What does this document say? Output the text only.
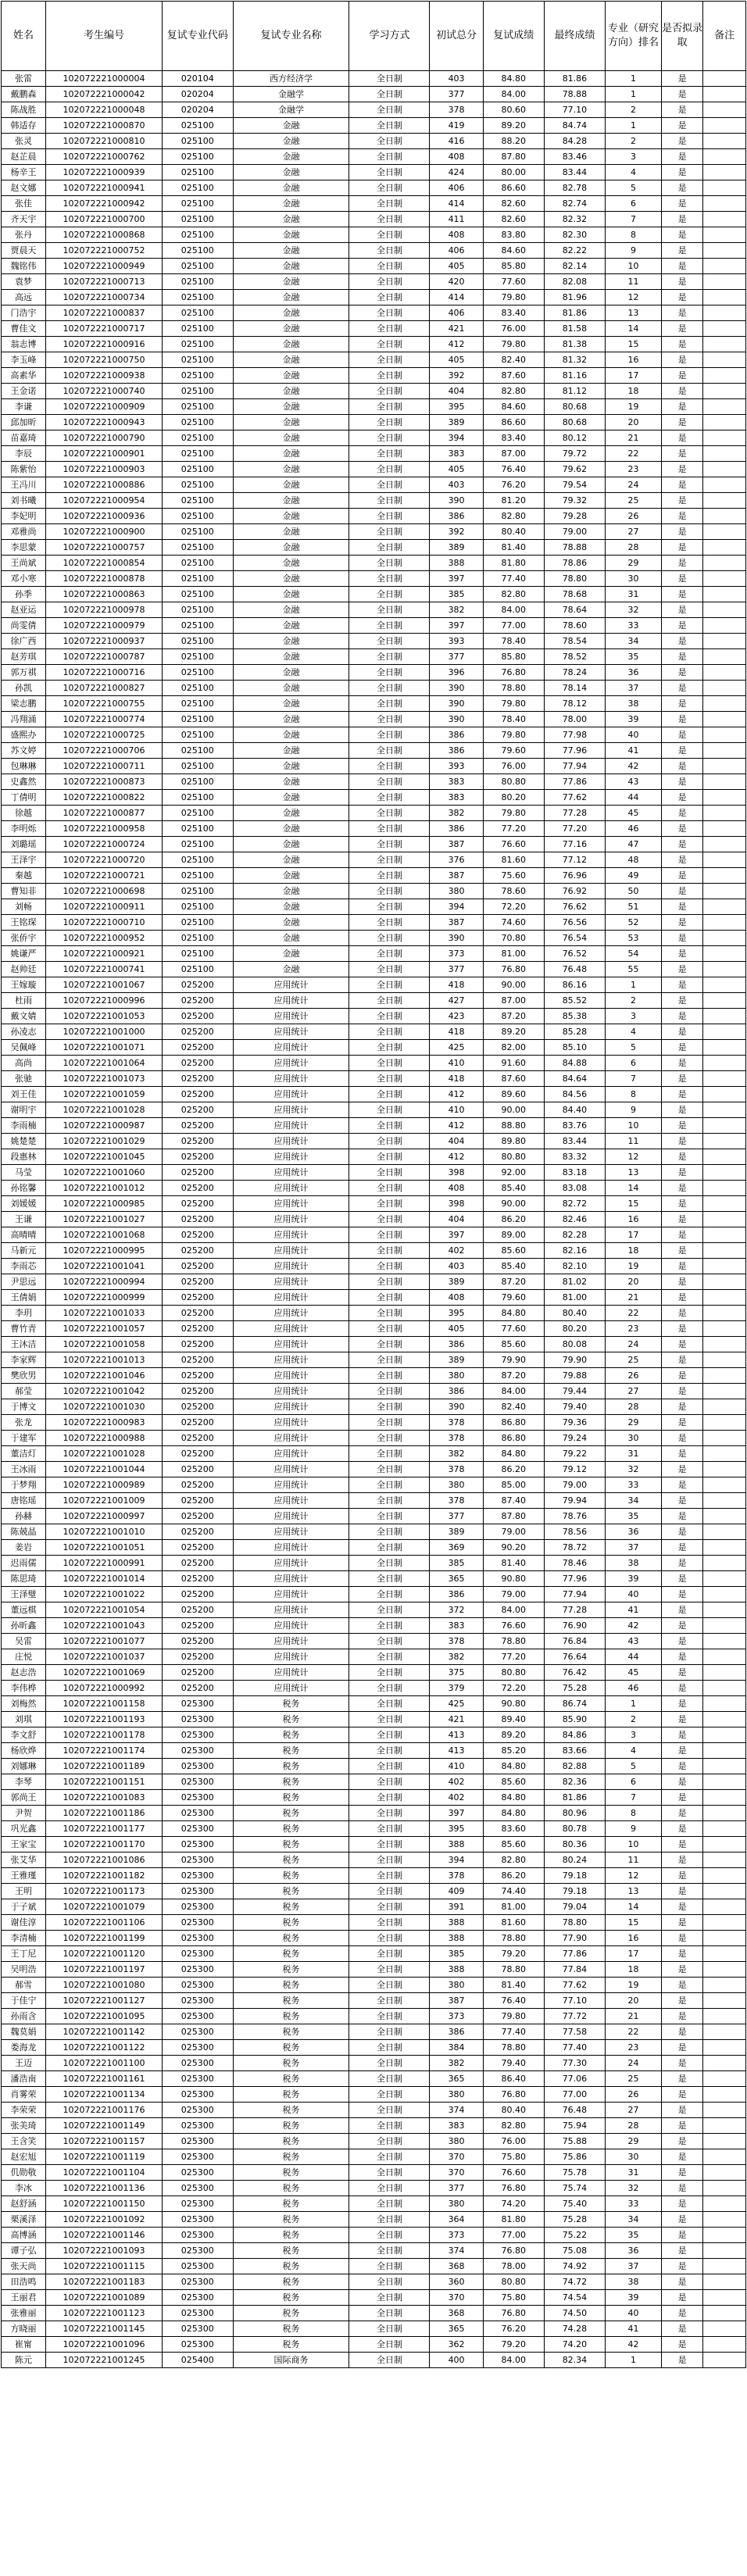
姓名	考生编号	复试专业代码	复试专业名称	学习方式	初试总分	复试成绩	最终成绩	专业（研究方向）排名	是否拟录取	备注
张雷	102072221000004	020104	西方经济学	全日制	403	84.80	81.86	1	是	
戴鹏森	102072221000042	020204	金融学	全日制	377	84.00	78.88	1	是	
陈战胜	102072221000048	020204	金融学	全日制	378	80.60	77.10	2	是	
韩适存	102072221000870	025100	金融	全日制	419	89.20	84.74	1	是	
张灵	102072221000810	025100	金融	全日制	416	88.20	84.28	2	是	
赵芷晨	102072221000762	025100	金融	全日制	408	87.80	83.46	3	是	
杨辛王	102072221000939	025100	金融	全日制	424	80.00	83.44	4	是	
赵文娜	102072221000941	025100	金融	全日制	406	86.60	82.78	5	是	
张佳	102072221000942	025100	金融	全日制	414	82.60	82.74	6	是	
齐天宇	102072221000700	025100	金融	全日制	411	82.60	82.32	7	是	
张丹	102072221000868	025100	金融	全日制	408	83.80	82.30	8	是	
贾晨天	102072221000752	025100	金融	全日制	406	84.60	82.22	9	是	
魏铭伟	102072221000949	025100	金融	全日制	405	85.80	82.14	10	是	
袁梦	102072221000713	025100	金融	全日制	420	77.60	82.08	11	是	
高远	102072221000734	025100	金融	全日制	414	79.80	81.96	12	是	
门浩宇	102072221000837	025100	金融	全日制	406	83.40	81.86	13	是	
曹佳文	102072221000717	025100	金融	全日制	421	76.00	81.58	14	是	
翁志博	102072221000916	025100	金融	全日制	412	79.80	81.38	15	是	
李玉峰	102072221000750	025100	金融	全日制	405	82.40	81.32	16	是	
高素华	102072221000938	025100	金融	全日制	392	87.60	81.16	17	是	
王金诺	102072221000740	025100	金融	全日制	404	82.80	81.12	18	是	
李谦	102072221000909	025100	金融	全日制	395	84.60	80.68	19	是	
邱加昕	102072221000943	025100	金融	全日制	389	86.60	80.68	20	是	
苗嘉琦	102072221000790	025100	金融	全日制	394	83.40	80.12	21	是	
李辰	102072221000901	025100	金融	全日制	383	87.00	79.72	22	是	
陈紫怡	102072221000903	025100	金融	全日制	405	76.40	79.62	23	是	
王冯川	102072221000886	025100	金融	全日制	403	76.20	79.54	24	是	
刘书曦	102072221000954	025100	金融	全日制	390	81.20	79.32	25	是	
李妃明	102072221000936	025100	金融	全日制	386	82.80	79.28	26	是	
邓雅尚	102072221000900	025100	金融	全日制	392	80.40	79.00	27	是	
李思蒙	102072221000757	025100	金融	全日制	389	81.40	78.88	28	是	
王尚斌	102072221000854	025100	金融	全日制	388	81.80	78.86	29	是	
邓小寒	102072221000878	025100	金融	全日制	397	77.40	78.80	30	是	
孙季	102072221000863	025100	金融	全日制	385	82.80	78.68	31	是	
赵亚运	102072221000978	025100	金融	全日制	382	84.00	78.64	32	是	
尚雯倩	102072221000979	025100	金融	全日制	397	77.00	78.60	33	是	
徐广西	102072221000937	025100	金融	全日制	393	78.40	78.54	34	是	
赵芳琪	102072221000787	025100	金融	全日制	377	85.80	78.52	35	是	
郭万祺	102072221000716	025100	金融	全日制	396	76.80	78.24	36	是	
孙凯	102072221000827	025100	金融	全日制	390	78.80	78.14	37	是	
梁志鹏	102072221000755	025100	金融	全日制	390	79.80	78.12	38	是	
冯翔涌	102072221000774	025100	金融	全日制	390	78.40	78.00	39	是	
盛熙办	102072221000725	025100	金融	全日制	386	79.80	77.98	40	是	
苏文婷	102072221000706	025100	金融	全日制	386	79.60	77.96	41	是	
包琳琳	102072221000711	025100	金融	全日制	393	76.00	77.94	42	是	
史鑫然	102072221000873	025100	金融	全日制	383	80.80	77.86	43	是	
丁倩明	102072221000822	025100	金融	全日制	383	80.20	77.62	44	是	
徐越	102072221000877	025100	金融	全日制	382	79.80	77.28	45	是	
李明烁	102072221000958	025100	金融	全日制	386	77.20	77.20	46	是	
刘璐瑶	102072221000724	025100	金融	全日制	387	76.60	77.16	47	是	
王泽宇	102072221000720	025100	金融	全日制	376	81.60	77.12	48	是	
秦越	102072221000721	025100	金融	全日制	387	75.60	76.96	49	是	
曹知非	102072221000698	025100	金融	全日制	380	78.60	76.92	50	是	
刘畅	102072221000911	025100	金融	全日制	394	72.20	76.62	51	是	
王铭琛	102072221000710	025100	金融	全日制	387	74.60	76.56	52	是	
张侨宇	102072221000952	025100	金融	全日制	390	70.80	76.54	53	是	
姚谦严	102072221000921	025100	金融	全日制	373	81.00	76.52	54	是	
赵帅廷	102072221000741	025100	金融	全日制	377	76.80	76.48	55	是	
王嫁璇	102072221001067	025200	应用统计	全日制	418	90.00	86.16	1	是	
杜雨	102072221000996	025200	应用统计	全日制	427	87.00	85.52	2	是	
戴文婧	102072221001053	025200	应用统计	全日制	423	87.20	85.38	3	是	
孙凌志	102072221001000	025200	应用统计	全日制	418	89.20	85.28	4	是	
吴佩峰	102072221001071	025200	应用统计	全日制	425	82.00	85.10	5	是	
高尚	102072221001064	025200	应用统计	全日制	410	91.60	84.88	6	是	
张驰	102072221001073	025200	应用统计	全日制	418	87.60	84.64	7	是	
刘王佳	102072221001059	025200	应用统计	全日制	412	89.60	84.56	8	是	
谢明宇	102072221001028	025200	应用统计	全日制	410	90.00	84.40	9	是	
李雨楠	102072221000987	025200	应用统计	全日制	412	88.80	83.76	10	是	
姚楚楚	102072221001029	025200	应用统计	全日制	404	89.80	83.44	11	是	
段惠林	102072221001045	025200	应用统计	全日制	412	80.80	83.32	12	是	
马莹	102072221001060	025200	应用统计	全日制	398	92.00	83.18	13	是	
孙铭馨	102072221001012	025200	应用统计	全日制	408	85.40	83.08	14	是	
刘媛媛	102072221000985	025200	应用统计	全日制	398	90.00	82.72	15	是	
王谦	102072221001027	025200	应用统计	全日制	404	86.20	82.46	16	是	
高晴晴	102072221001068	025200	应用统计	全日制	397	89.00	82.28	17	是	
马新元	102072221000995	025200	应用统计	全日制	402	85.60	82.16	18	是	
李雨芯	102072221001041	025200	应用统计	全日制	403	85.40	82.10	19	是	
尹思远	102072221000994	025200	应用统计	全日制	389	87.20	81.02	20	是	
王倩娟	102072221000999	025200	应用统计	全日制	408	79.60	81.00	21	是	
李玥	102072221001033	025200	应用统计	全日制	395	84.80	80.40	22	是	
曹竹青	102072221001057	025200	应用统计	全日制	405	77.60	80.20	23	是	
王沐洁	102072221001058	025200	应用统计	全日制	386	85.60	80.08	24	是	
李家辉	102072221001013	025200	应用统计	全日制	389	79.90	79.90	25	是	
樊欣男	102072221001046	025200	应用统计	全日制	380	87.20	79.88	26	是	
郝莹	102072221001042	025200	应用统计	全日制	386	84.00	79.44	27	是	
于博文	102072221001030	025200	应用统计	全日制	390	82.40	79.40	28	是	
张龙	102072221000983	025200	应用统计	全日制	378	86.80	79.36	29	是	
于建军	102072221000988	025200	应用统计	全日制	378	86.80	79.24	30	是	
董洁灯	102072221001028	025200	应用统计	全日制	382	84.80	79.22	31	是	
王冰雨	102072221001044	025200	应用统计	全日制	378	86.20	79.12	32	是	
于梦翔	102072221000989	025200	应用统计	全日制	380	85.00	79.00	33	是	
唐铭瑶	102072221001009	025200	应用统计	全日制	378	87.40	79.94	34	是	
孙赫	102072221000997	025200	应用统计	全日制	377	87.80	78.76	35	是	
陈兢晶	102072221001010	025200	应用统计	全日制	389	79.00	78.56	36	是	
姜岩	102072221001051	025200	应用统计	全日制	369	90.20	78.72	37	是	
迟雨儒	102072221000991	025200	应用统计	全日制	385	81.40	78.46	38	是	
陈思琦	102072221001014	025200	应用统计	全日制	365	90.80	77.96	39	是	
王泽璧	102072221001022	025200	应用统计	全日制	386	79.00	77.94	40	是	
董远棋	102072221001054	025200	应用统计	全日制	372	84.00	77.28	41	是	
孙昕鑫	102072221001043	025200	应用统计	全日制	383	76.60	76.90	42	是	
吴雷	102072221001077	025200	应用统计	全日制	378	78.80	76.84	43	是	
庄悦	102072221001037	025200	应用统计	全日制	382	77.20	76.64	44	是	
赵志浩	102072221001069	025200	应用统计	全日制	375	80.80	76.42	45	是	
李伟桦	102072221000992	025200	应用统计	全日制	379	72.20	75.28	46	是	
刘梅然	102072221001158	025300	税务	全日制	425	90.80	86.74	1	是	
刘琪	102072221001193	025300	税务	全日制	421	89.40	85.90	2	是	
李文舒	102072221001178	025300	税务	全日制	413	89.20	84.86	3	是	
杨欣烨	102072221001174	025300	税务	全日制	413	85.20	83.66	4	是	
刘娜琳	102072221001189	025300	税务	全日制	410	84.80	82.88	5	是	
李琴	102072221001151	025300	税务	全日制	402	85.60	82.36	6	是	
郭尚王	102072221001083	025300	税务	全日制	402	84.80	81.86	7	是	
尹贺	102072221001186	025300	税务	全日制	397	84.80	80.96	8	是	
巩光鑫	102072221001177	025300	税务	全日制	395	83.60	80.78	9	是	
王家宝	102072221001170	025300	税务	全日制	388	85.60	80.36	10	是	
张艾华	102072221001086	025300	税务	全日制	394	82.80	80.24	11	是	
王雅瑾	102072221001182	025300	税务	全日制	378	86.20	79.18	12	是	
王明	102072221001173	025300	税务	全日制	409	74.40	79.18	13	是	
于子斌	102072221001079	025300	税务	全日制	391	81.00	79.04	14	是	
谢佳淳	102072221001106	025300	税务	全日制	388	81.60	78.80	15	是	
李清楠	102072221001199	025300	税务	全日制	388	78.80	77.90	16	是	
王丁尼	102072221001120	025300	税务	全日制	385	79.20	77.86	17	是	
吴明浩	102072221001197	025300	税务	全日制	388	78.80	77.84	18	是	
郝雪	102072221001080	025300	税务	全日制	380	81.40	77.62	19	是	
于佳宁	102072221001127	025300	税务	全日制	387	76.40	77.10	20	是	
孙雨含	102072221001095	025300	税务	全日制	373	79.80	77.72	21	是	
魏莫娟	102072221001142	025300	税务	全日制	386	77.40	77.58	22	是	
娄海龙	102072221001122	025300	税务	全日制	384	78.80	77.40	23	是	
王迈	102072221001100	025300	税务	全日制	382	79.40	77.30	24	是	
潘浩南	102072221001161	025300	税务	全日制	365	86.40	77.06	25	是	
肖雾荣	102072221001134	025300	税务	全日制	380	76.80	77.00	26	是	
李荣荣	102072221001176	025300	税务	全日制	374	80.40	76.48	27	是	
张美琦	102072221001149	025300	税务	全日制	383	82.80	75.94	28	是	
王含笑	102072221001157	025300	税务	全日制	380	76.00	75.88	29	是	
赵宏旭	102072221001119	025300	税务	全日制	370	75.80	75.86	30	是	
仉勋敬	102072221001104	025300	税务	全日制	370	76.60	75.78	31	是	
李冰	102072221001136	025300	税务	全日制	377	76.80	75.74	32	是	
赵舒涵	102072221001150	025300	税务	全日制	380	74.20	75.40	33	是	
栗溪泽	102072221001092	025300	税务	全日制	364	81.80	75.28	34	是	
高博涵	102072221001146	025300	税务	全日制	373	77.00	75.22	35	是	
谭子弘	102072221001093	025300	税务	全日制	374	76.80	75.08	36	是	
张天尚	102072221001115	025300	税务	全日制	368	78.00	74.92	37	是	
田浩鸣	102072221001183	025300	税务	全日制	360	80.80	74.72	38	是	
王丽君	102072221001089	025300	税务	全日制	370	75.80	74.54	39	是	
张雅丽	102072221001123	025300	税务	全日制	368	76.80	74.50	40	是	
方晓丽	102072221001145	025300	税务	全日制	365	76.20	74.28	41	是	
崔甯	102072221001096	025300	税务	全日制	362	79.20	74.20	42	是	
陈元	102072221001245	025400	国际商务	全日制	400	84.00	82.34	1	是	
